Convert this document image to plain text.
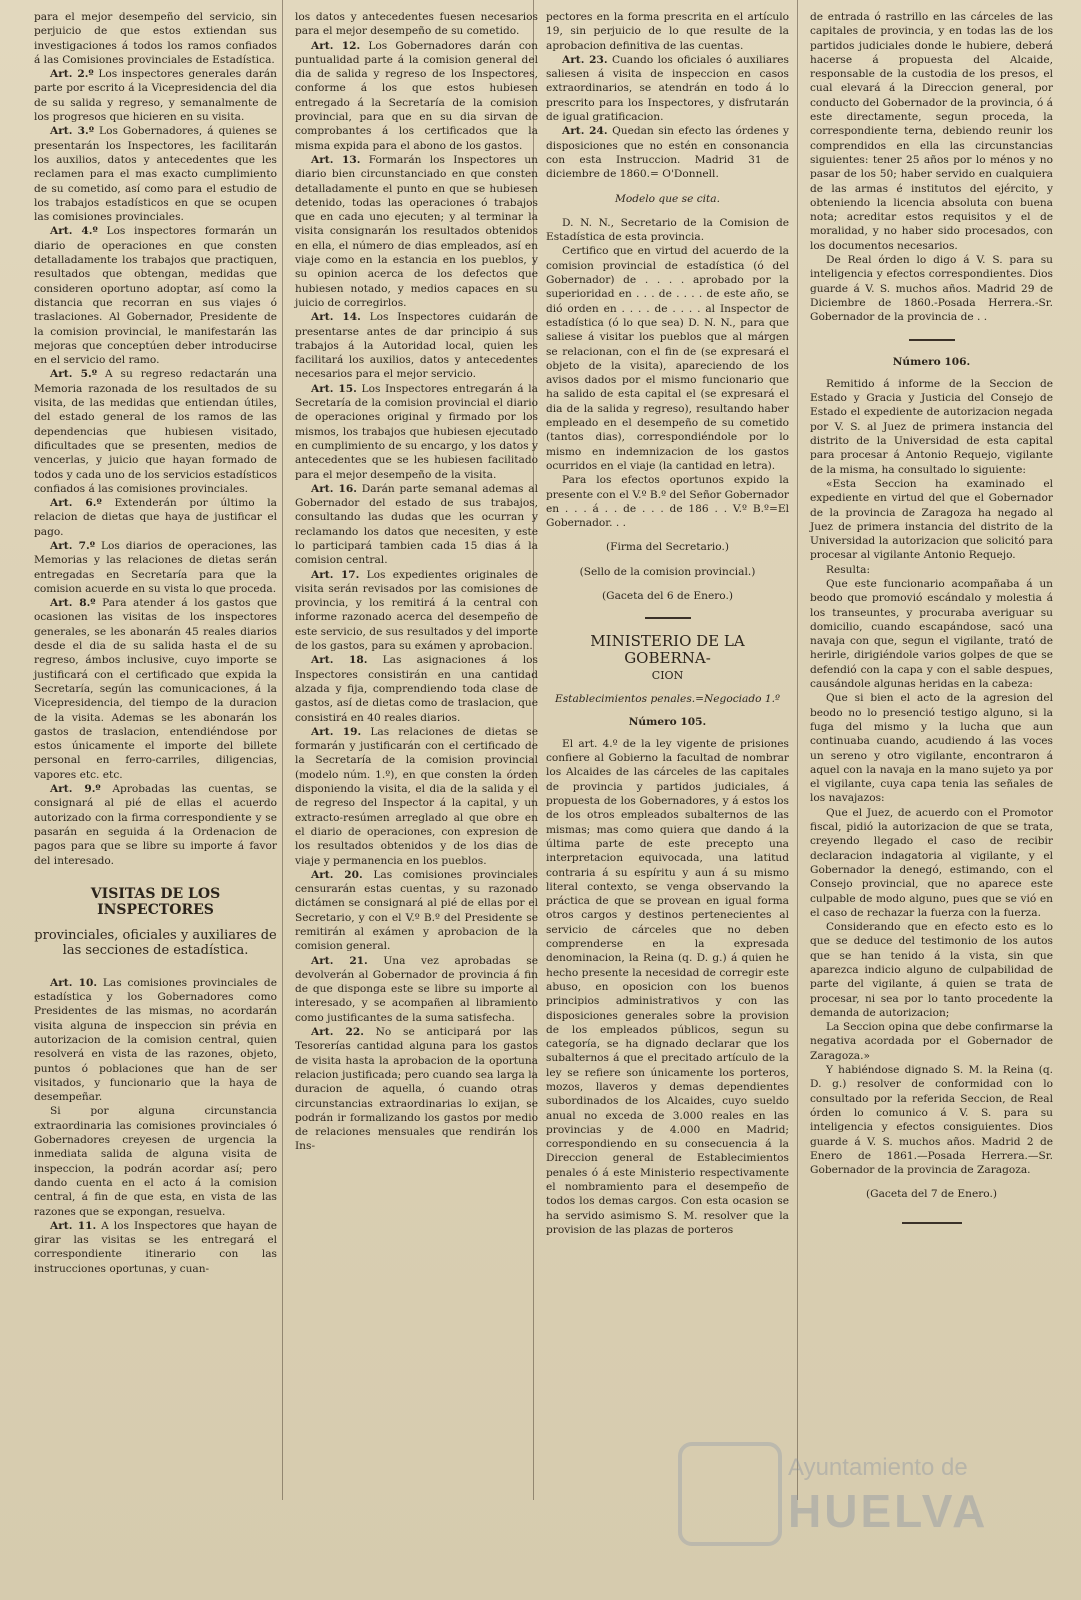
para el mejor desempeño del servicio, sin perjuicio de que estos extiendan sus investigaciones á todos los ramos confiados á las Comisiones provinciales de Estadística.

Art. 2.º Los inspectores generales darán parte por escrito á la Vicepresidencia del dia de su salida y regreso, y semanalmente de los progresos que hicieren en su visita.

Art. 3.º Los Gobernadores, á quienes se presentarán los Inspectores, les facilitarán los auxilios, datos y antecedentes que les reclamen para el mas exacto cumplimiento de su cometido, así como para el estudio de los trabajos estadísticos en que se ocupen las comisiones provinciales.

Art. 4.º Los inspectores formarán un diario de operaciones en que consten detalladamente los trabajos que practiquen, resultados que obtengan, medidas que consideren oportuno adoptar, así como la distancia que recorran en sus viajes ó traslaciones. Al Gobernador, Presidente de la comision provincial, le manifestarán las mejoras que conceptúen deber introducirse en el servicio del ramo.

Art. 5.º A su regreso redactarán una Memoria razonada de los resultados de su visita, de las medidas que entiendan útiles, del estado general de los ramos de las dependencias que hubiesen visitado, dificultades que se presenten, medios de vencerlas, y juicio que hayan formado de todos y cada uno de los servicios estadísticos confiados á las comisiones provinciales.

Art. 6.º Extenderán por último la relacion de dietas que haya de justificar el pago.

Art. 7.º Los diarios de operaciones, las Memorias y las relaciones de dietas serán entregadas en Secretaría para que la comision acuerde en su vista lo que proceda.

Art. 8.º Para atender á los gastos que ocasionen las visitas de los inspectores generales, se les abonarán 45 reales diarios desde el dia de su salida hasta el de su regreso, ámbos inclusive, cuyo importe se justificará con el certificado que expida la Secretaría, según las comunicaciones, á la Vicepresidencia, del tiempo de la duracion de la visita. Ademas se les abonarán los gastos de traslacion, entendiéndose por estos únicamente el importe del billete personal en ferro-carriles, diligencias, vapores etc. etc.

Art. 9.º Aprobadas las cuentas, se consignará al pié de ellas el acuerdo autorizado con la firma correspondiente y se pasarán en seguida á la Ordenacion de pagos para que se libre su importe á favor del interesado.

VISITAS DE LOS INSPECTORES
provinciales, oficiales y auxiliares de las secciones de estadística.

Art. 10. Las comisiones provinciales de estadística y los Gobernadores como Presidentes de las mismas, no acordarán visita alguna de inspeccion sin prévia en autorizacion de la comision central, quien resolverá en vista de las razones, objeto, puntos ó poblaciones que han de ser visitados, y funcionario que la haya de desempeñar.

Si por alguna circunstancia extraordinaria las comisiones provinciales ó Gobernadores creyesen de urgencia la inmediata salida de alguna visita de inspeccion, la podrán acordar así; pero dando cuenta en el acto á la comision central, á fin de que esta, en vista de las razones que se expongan, resuelva.

Art. 11. A los Inspectores que hayan de girar las visitas se les entregará el correspondiente itinerario con las instrucciones oportunas, y cuan-

los datos y antecedentes fuesen necesarios para el mejor desempeño de su cometido.

Art. 12. Los Gobernadores darán con puntualidad parte á la comision general del dia de salida y regreso de los Inspectores, conforme á los que estos hubiesen entregado á la Secretaría de la comision provincial, para que en su dia sirvan de comprobantes á los certificados que la misma expida para el abono de los gastos.

Art. 13. Formarán los Inspectores un diario bien circunstanciado en que consten detalladamente el punto en que se hubiesen detenido, todas las operaciones ó trabajos que en cada uno ejecuten; y al terminar la visita consignarán los resultados obtenidos en ella, el número de dias empleados, así en viaje como en la estancia en los pueblos, y su opinion acerca de los defectos que hubiesen notado, y medios capaces en su juicio de corregirlos.

Art. 14. Los Inspectores cuidarán de presentarse antes de dar principio á sus trabajos á la Autoridad local, quien les facilitará los auxilios, datos y antecedentes necesarios para el mejor servicio.

Art. 15. Los Inspectores entregarán á la Secretaría de la comision provincial el diario de operaciones original y firmado por los mismos, los trabajos que hubiesen ejecutado en cumplimiento de su encargo, y los datos y antecedentes que se les hubiesen facilitado para el mejor desempeño de la visita.

Art. 16. Darán parte semanal ademas al Gobernador del estado de sus trabajos, consultando las dudas que les ocurran y reclamando los datos que necesiten, y este lo participará tambien cada 15 dias á la comision central.

Art. 17. Los expedientes originales de visita serán revisados por las comisiones de provincia, y los remitirá á la central con informe razonado acerca del desempeño de este servicio, de sus resultados y del importe de los gastos, para su exámen y aprobacion.

Art. 18. Las asignaciones á los Inspectores consistirán en una cantidad alzada y fija, comprendiendo toda clase de gastos, así de dietas como de traslacion, que consistirá en 40 reales diarios.

Art. 19. Las relaciones de dietas se formarán y justificarán con el certificado de la Secretaría de la comision provincial (modelo núm. 1.º), en que consten la órden disponiendo la visita, el dia de la salida y el de regreso del Inspector á la capital, y un extracto-resúmen arreglado al que obre en el diario de operaciones, con expresion de los resultados obtenidos y de los dias de viaje y permanencia en los pueblos.

Art. 20. Las comisiones provinciales censurarán estas cuentas, y su razonado dictámen se consignará al pié de ellas por el Secretario, y con el V.º B.º del Presidente se remitirán al exámen y aprobacion de la comision general.

Art. 21. Una vez aprobadas se devolverán al Gobernador de provincia á fin de que disponga este se libre su importe al interesado, y se acompañen al libramiento como justificantes de la suma satisfecha.

Art. 22. No se anticipará por las Tesorerías cantidad alguna para los gastos de visita hasta la aprobacion de la oportuna relacion justificada; pero cuando sea larga la duracion de aquella, ó cuando otras circunstancias extraordinarias lo exijan, se podrán ir formalizando los gastos por medio de relaciones mensuales que rendirán los Ins-

pectores en la forma prescrita en el artículo 19, sin perjuicio de lo que resulte de la aprobacion definitiva de las cuentas.

Art. 23. Cuando los oficiales ó auxiliares saliesen á visita de inspeccion en casos extraordinarios, se atendrán en todo á lo prescrito para los Inspectores, y disfrutarán de igual gratificacion.

Art. 24. Quedan sin efecto las órdenes y disposiciones que no estén en consonancia con esta Instruccion. Madrid 31 de diciembre de 1860.= O'Donnell.

Modelo que se cita.

D. N. N., Secretario de la Comision de Estadística de esta provincia.

Certifico que en virtud del acuerdo de la comision provincial de estadística (ó del Gobernador) de . . . . aprobado por la superioridad en . . . de . . . . de este año, se dió orden en . . . . de . . . . al Inspector de estadística (ó lo que sea) D. N. N., para que saliese á visitar los pueblos que al márgen se relacionan, con el fin de (se expresará el objeto de la visita), apareciendo de los avisos dados por el mismo funcionario que ha salido de esta capital el (se expresará el dia de la salida y regreso), resultando haber empleado en el desempeño de su cometido (tantos dias), correspondiéndole por lo mismo en indemnizacion de los gastos ocurridos en el viaje (la cantidad en letra).

Para los efectos oportunos expido la presente con el V.º B.º del Señor Gobernador en . . . á . . de . . . de 186 . . V.º B.º=El Gobernador. . .

(Firma del Secretario.)

(Sello de la comision provincial.)

(Gaceta del 6 de Enero.)

MINISTERIO DE LA GOBERNA-
CION
Establecimientos penales.=Negociado 1.º
Número 105.

El art. 4.º de la ley vigente de prisiones confiere al Gobierno la facultad de nombrar los Alcaides de las cárceles de las capitales de provincia y partidos judiciales, á propuesta de los Gobernadores, y á estos los de los otros empleados subalternos de las mismas; mas como quiera que dando á la última parte de este precepto una interpretacion equivocada, una latitud contraria á su espíritu y aun á su mismo literal contexto, se venga observando la práctica de que se provean en igual forma otros cargos y destinos pertenecientes al servicio de cárceles que no deben comprenderse en la expresada denominacion, la Reina (q. D. g.) á quien he hecho presente la necesidad de corregir este abuso, en oposicion con los buenos principios administrativos y con las disposiciones generales sobre la provision de los empleados públicos, segun su categoría, se ha dignado declarar que los subalternos á que el precitado artículo de la ley se refiere son únicamente los porteros, mozos, llaveros y demas dependientes subordinados de los Alcaides, cuyo sueldo anual no exceda de 3.000 reales en las provincias y de 4.000 en Madrid; correspondiendo en su consecuencia á la Direccion general de Establecimientos penales ó á este Ministerio respectivamente el nombramiento para el desempeño de todos los demas cargos. Con esta ocasion se ha servido asimismo S. M. resolver que la provision de las plazas de porteros

de entrada ó rastrillo en las cárceles de las capitales de provincia, y en todas las de los partidos judiciales donde le hubiere, deberá hacerse á propuesta del Alcaide, responsable de la custodia de los presos, el cual elevará á la Direccion general, por conducto del Gobernador de la provincia, ó á este directamente, segun proceda, la correspondiente terna, debiendo reunir los comprendidos en ella las circunstancias siguientes: tener 25 años por lo ménos y no pasar de los 50; haber servido en cualquiera de las armas é institutos del ejército, y obteniendo la licencia absoluta con buena nota; acreditar estos requisitos y el de moralidad, y no haber sido procesados, con los documentos necesarios.

De Real órden lo digo á V. S. para su inteligencia y efectos correspondientes. Dios guarde á V. S. muchos años. Madrid 29 de Diciembre de 1860.-Posada Herrera.-Sr. Gobernador de la provincia de . .

Número 106.

Remitido á informe de la Seccion de Estado y Gracia y Justicia del Consejo de Estado el expediente de autorizacion negada por V. S. al Juez de primera instancia del distrito de la Universidad de esta capital para procesar á Antonio Requejo, vigilante de la misma, ha consultado lo siguiente:

«Esta Seccion ha examinado el expediente en virtud del que el Gobernador de la provincia de Zaragoza ha negado al Juez de primera instancia del distrito de la Universidad la autorizacion que solicitó para procesar al vigilante Antonio Requejo.

Resulta:

Que este funcionario acompañaba á un beodo que promovió escándalo y molestia á los transeuntes, y procuraba averiguar su domicilio, cuando escapándose, sacó una navaja con que, segun el vigilante, trató de herirle, dirigiéndole varios golpes de que se defendió con la capa y con el sable despues, causándole algunas heridas en la cabeza:

Que si bien el acto de la agresion del beodo no lo presenció testigo alguno, si la fuga del mismo y la lucha que aun continuaba cuando, acudiendo á las voces un sereno y otro vigilante, encontraron á aquel con la navaja en la mano sujeto ya por el vigilante, cuya capa tenia las señales de los navajazos:

Que el Juez, de acuerdo con el Promotor fiscal, pidió la autorizacion de que se trata, creyendo llegado el caso de recibir declaracion indagatoria al vigilante, y el Gobernador la denegó, estimando, con el Consejo provincial, que no aparece este culpable de modo alguno, pues que se vió en el caso de rechazar la fuerza con la fuerza.

Considerando que en efecto esto es lo que se deduce del testimonio de los autos que se han tenido á la vista, sin que aparezca indicio alguno de culpabilidad de parte del vigilante, á quien se trata de procesar, ni sea por lo tanto procedente la demanda de autorizacion;

La Seccion opina que debe confirmarse la negativa acordada por el Gobernador de Zaragoza.»

Y habiéndose dignado S. M. la Reina (q. D. g.) resolver de conformidad con lo consultado por la referida Seccion, de Real órden lo comunico á V. S. para su inteligencia y efectos consiguientes. Dios guarde á V. S. muchos años. Madrid 2 de Enero de 1861.—Posada Herrera.—Sr. Gobernador de la provincia de Zaragoza.

(Gaceta del 7 de Enero.)

Ayuntamiento de
HUELVA
